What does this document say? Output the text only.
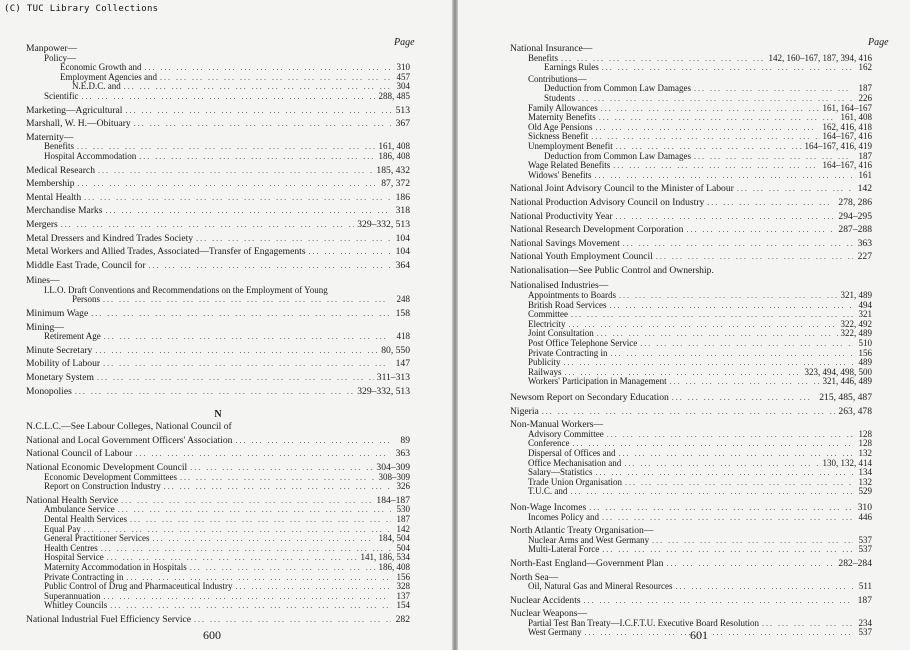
Page
Manpower—
Policy—
Economic Growth and ... .	310
Employment Agencies and ... .	457
N.E.D.C. and ... .	304
Scientific ... .	288, 485
Marketing—Agricultural ... .	513
Marshall, W. H.—Obituary ... .	367
Maternity—
Benefits ... .	161, 408
Hospital Accommodation ... .	186, 408
Medical Research ... .	185, 432
Membership ... .	87, 372
Mental Health ... .	186
Merchandise Marks ... .	318
Mergers ... .	329–332, 513
Metal Dressers and Kindred Trades Society ... .	104
Metal Workers and Allied Trades, Associated—Transfer of Engagements ... .	104
Middle East Trade, Council for ... .	364
Mines—
I.L.O. Draft Conventions and Recommendations on the Employment of Young
Persons ... .	248
Minimum Wage ... .	158
Mining—
Retirement Age ... .	418
Minute Secretary ... .	80, 550
Mobility of Labour ... .	147
Monetary System ... .	311–313
Monopolies ... .	329–332, 513
N
N.C.L.C.—See Labour Colleges, National Council of
National and Local Government Officers' Association ... .	89
National Council of Labour ... .	363
National Economic Development Council ... .	304–309
Economic Development Committees ... .	308–309
Report on Construction Industry ... .	326
National Health Service ... .	184–187
Ambulance Service ... .	530
Dental Health Services ... .	187
Equal Pay ... .	142
General Practitioner Services ... .	184, 504
Health Centres ... .	504
Hospital Service ... .	141, 186, 534
Maternity Accommodation in Hospitals ... .	186, 408
Private Contracting in ... .	156
Public Control of Drug and Pharmaceutical Industry ... .	328
Superannuation ... .	137
Whitley Councils ... .	154
National Industrial Fuel Efficiency Service ... .	282
600
Page
National Insurance—
Benefits ... .	142, 160–167, 187, 394, 416
Earnings Rules ... .	162
Contributions—
Deduction from Common Law Damages ... .	187
Students ... .	226
Family Allowances ... .	161, 164–167
Maternity Benefits ... .	161, 408
Old Age Pensions ... .	162, 416, 418
Sickness Benefit ... .	164–167, 416
Unemployment Benefit ... .	164–167, 416, 419
Deduction from Common Law Damages ... .	187
Wage Related Benefits ... .	164–167, 416
Widows' Benefits ... .	161
National Joint Advisory Council to the Minister of Labour ... .	142
National Production Advisory Council on Industry ... .	278, 286
National Productivity Year ... .	294–295
National Research Development Corporation ... .	287–288
National Savings Movement ... .	363
National Youth Employment Council ... .	227
Nationalisation—See Public Control and Ownership.
Nationalised Industries—
Appointments to Boards ... .	321, 489
British Road Services ... .	494
Committee ... .	321
Electricity ... .	322, 492
Joint Consultation ... .	322, 489
Post Office Telephone Service ... .	510
Private Contracting in ... .	156
Publicity ... .	489
Railways ... .	323, 494, 498, 500
Workers' Participation in Management ... .	321, 446, 489
Newsom Report on Secondary Education ... .	215, 485, 487
Nigeria ... .	263, 478
Non-Manual Workers—
Advisory Committee ... .	128
Conference ... .	128
Dispersal of Offices and ... .	132
Office Mechanisation and ... .	130, 132, 414
Salary—Statistics ... .	134
Trade Union Organisation ... .	132
T.U.C. and ... .	529
Non-Wage Incomes ... .	310
Incomes Policy and ... .	446
North Atlantic Treaty Organisation—
Nuclear Arms and West Germany ... .	537
Multi-Lateral Force ... .	537
North-East England—Government Plan ... .	282–284
North Sea—
Oil, Natural Gas and Mineral Resources ... .	511
Nuclear Accidents ... .	187
Nuclear Weapons—
Partial Test Ban Treaty—I.C.F.T.U. Executive Board Resolution ... .	234
West Germany ... .	537
601
(C) TUC Library Collections
